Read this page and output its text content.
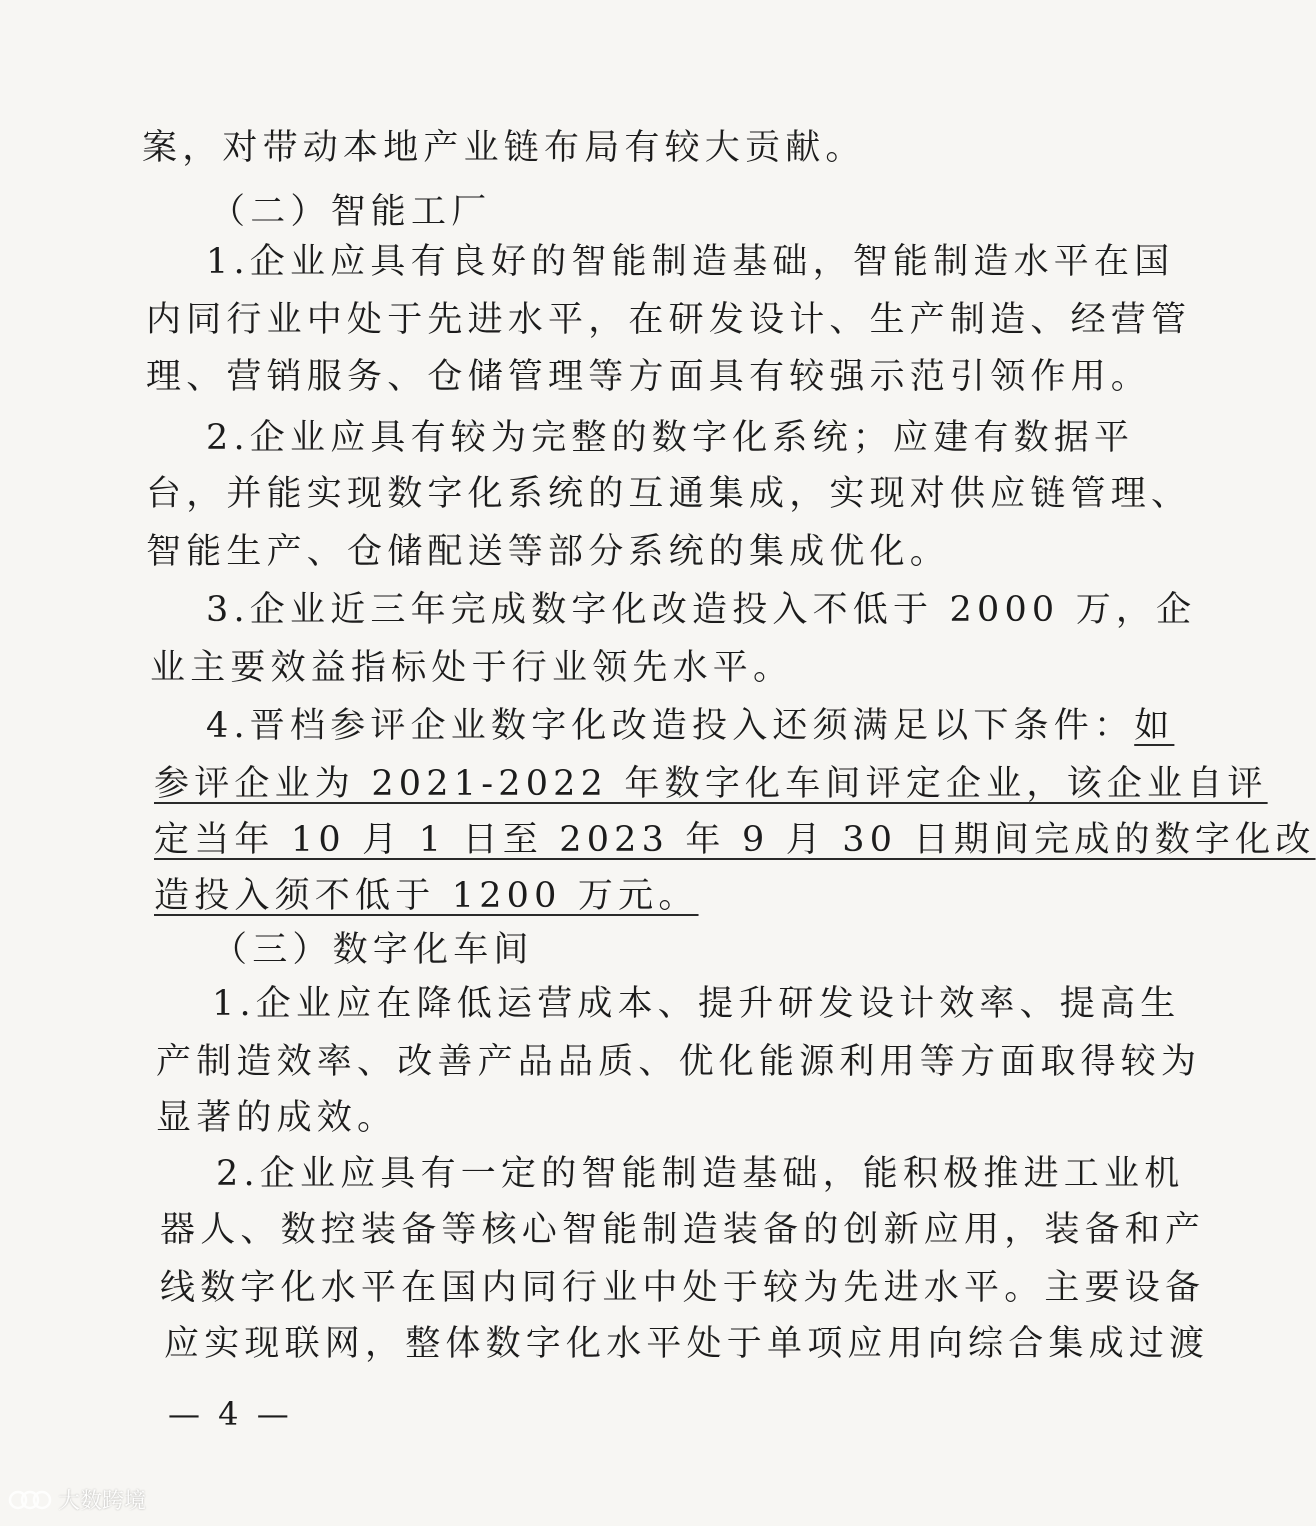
案，对带动本地产业链布局有较大贡献。
（二）智能工厂
1.企业应具有良好的智能制造基础，智能制造水平在国
内同行业中处于先进水平，在研发设计、生产制造、经营管
理、营销服务、仓储管理等方面具有较强示范引领作用。
2.企业应具有较为完整的数字化系统；应建有数据平
台，并能实现数字化系统的互通集成，实现对供应链管理、
智能生产、仓储配送等部分系统的集成优化。
3.企业近三年完成数字化改造投入不低于 2000 万，企
业主要效益指标处于行业领先水平。
4.晋档参评企业数字化改造投入还须满足以下条件：如
参评企业为 2021-2022 年数字化车间评定企业，该企业自评
定当年 10 月 1 日至 2023 年 9 月 30 日期间完成的数字化改
造投入须不低于 1200 万元。
（三）数字化车间
1.企业应在降低运营成本、提升研发设计效率、提高生
产制造效率、改善产品品质、优化能源利用等方面取得较为
显著的成效。
2.企业应具有一定的智能制造基础，能积极推进工业机
器人、数控装备等核心智能制造装备的创新应用，装备和产
线数字化水平在国内同行业中处于较为先进水平。主要设备
应实现联网，整体数字化水平处于单项应用向综合集成过渡
— 4 —
大数跨境
